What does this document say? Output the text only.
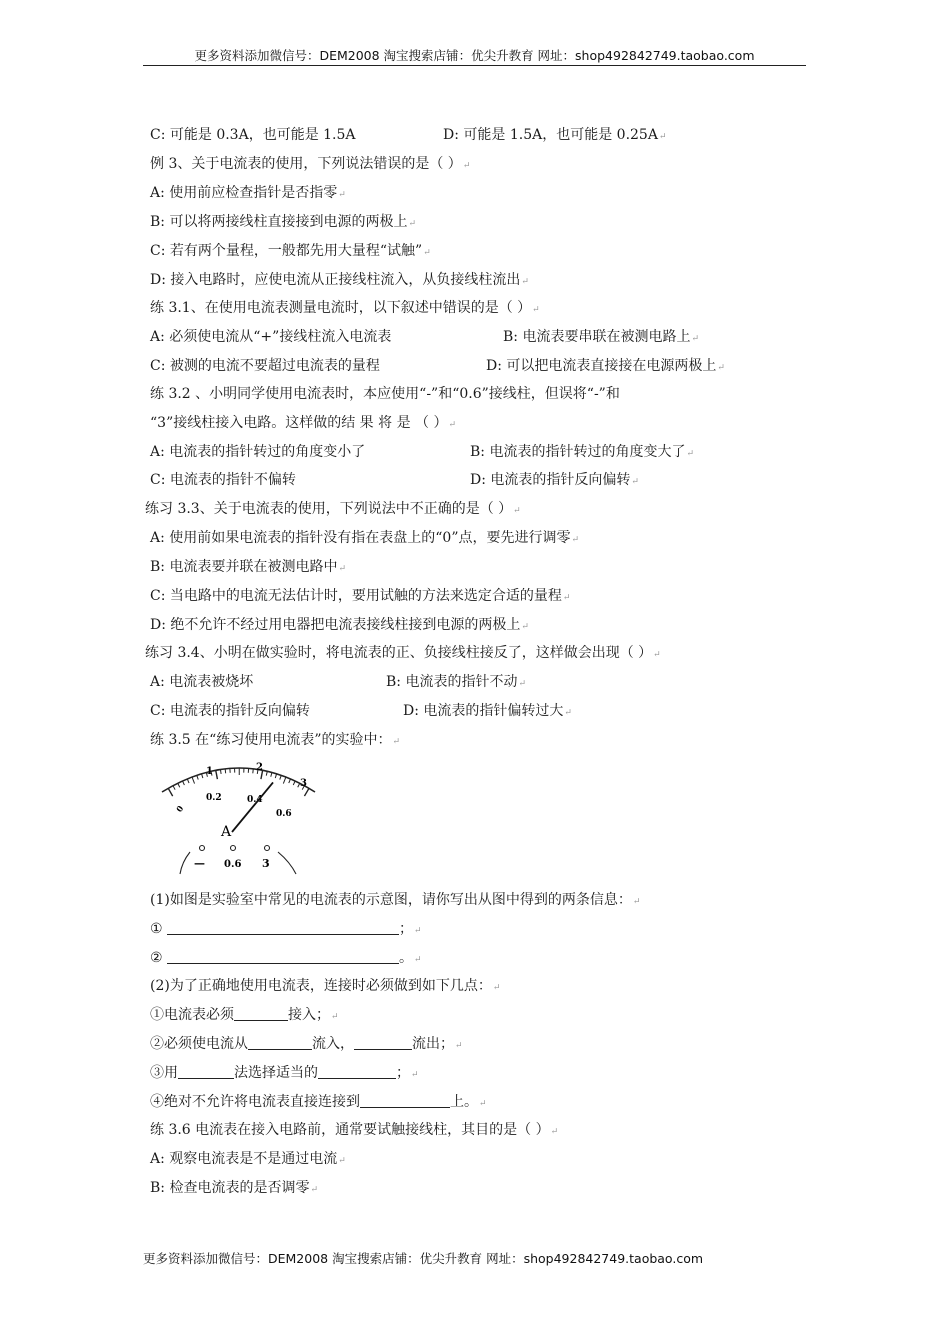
更多资料添加微信号：DEM2008 淘宝搜索店铺：优尖升教育 网址：shop492842749.taobao.com
C: 可能是 0.3A，也可能是 1.5A	D: 可能是 1.5A，也可能是 0.25A↵
例 3、关于电流表的使用，下列说法错误的是（ ）↵
A: 使用前应检查指针是否指零↵
B: 可以将两接线柱直接接到电源的两极上↵
C: 若有两个量程，一般都先用大量程“试触”↵
D: 接入电路时，应使电流从正接线柱流入，从负接线柱流出↵
练 3.1、在使用电流表测量电流时，以下叙述中错误的是（ ）↵
A: 必须使电流从“+”接线柱流入电流表	B: 电流表要串联在被测电路上↵
C: 被测的电流不要超过电流表的量程	D: 可以把电流表直接接在电源两极上↵
练 3.2 、小明同学使用电流表时，本应使用“-”和“0.6”接线柱，但误将“-”和
“3”接线柱接入电路。这样做的结 果 将 是 （ ）↵
A: 电流表的指针转过的角度变小了	B: 电流表的指针转过的角度变大了↵
C: 电流表的指针不偏转	D: 电流表的指针反向偏转↵
练习 3.3、关于电流表的使用，下列说法中不正确的是（ ）↵
A: 使用前如果电流表的指针没有指在表盘上的“0”点，要先进行调零↵
B: 电流表要并联在被测电路中↵
C: 当电路中的电流无法估计时，要用试触的方法来选定合适的量程↵
D: 绝不允许不经过用电器把电流表接线柱接到电源的两极上↵
练习 3.4、小明在做实验时，将电流表的正、负接线柱接反了，这样做会出现（ ）↵
A: 电流表被烧坏	B: 电流表的指针不动↵
C: 电流表的指针反向偏转	D: 电流表的指针偏转过大↵
练 3.5 在“练习使用电流表”的实验中：↵
1	2
3
0
0.2	0.4
0.6
A
— 0.6 3
(1)如图是实验室中常见的电流表的示意图，请你写出从图中得到的两条信息：↵
①	；↵
②	。↵
(2)为了正确地使用电流表，连接时必须做到如下几点：↵
①电流表必须	接入；↵
②必须使电流从	流入，	流出；↵
③用	法选择适当的	；↵
④绝对不允许将电流表直接连接到	上。↵
练 3.6 电流表在接入电路前，通常要试触接线柱，其目的是（ ）↵
A: 观察电流表是不是通过电流↵
B: 检查电流表的是否调零↵
更多资料添加微信号：DEM2008 淘宝搜索店铺：优尖升教育 网址：shop492842749.taobao.com
